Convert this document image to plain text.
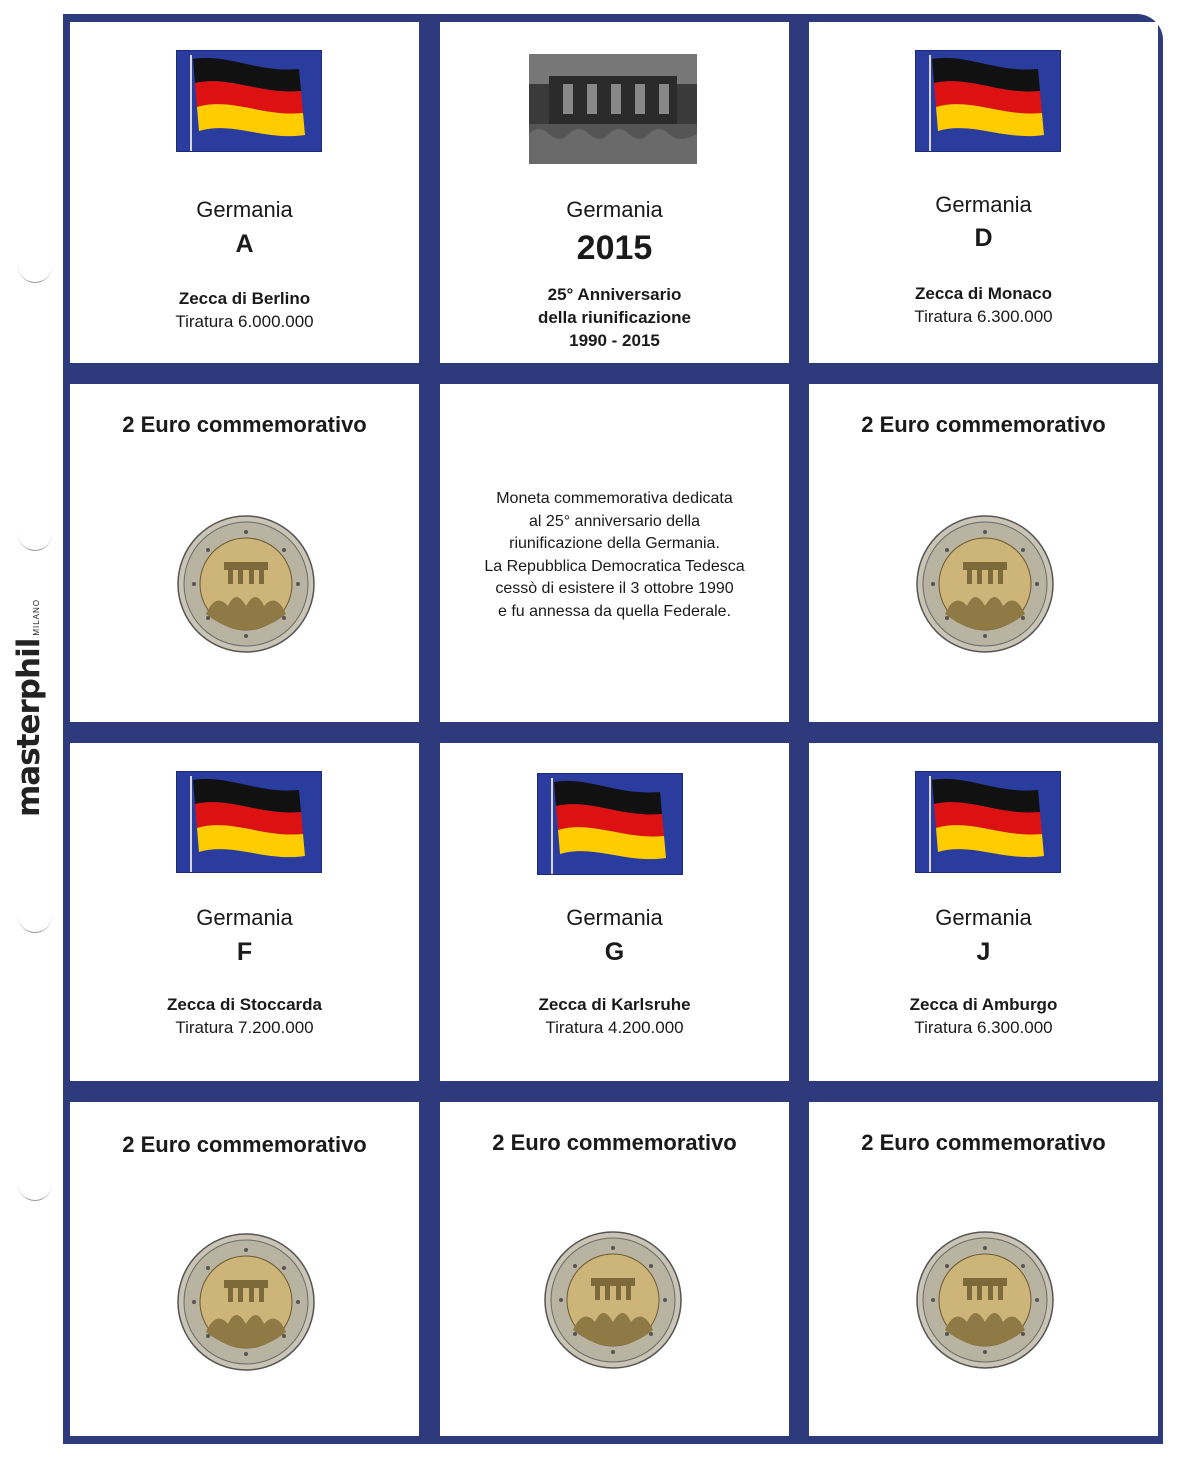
masterphil
MILANO
Germania
A
Zecca di Berlino
Tiratura 6.000.000
Germania
2015
25° Anniversario
della riunificazione
1990 - 2015
Germania
D
Zecca di Monaco
Tiratura 6.300.000
2 Euro commemorativo
Moneta commemorativa dedicata
al 25° anniversario della
riunificazione della Germania.
La Repubblica Democratica Tedesca
cessò di esistere il 3 ottobre 1990
e fu annessa da quella Federale.
2 Euro commemorativo
Germania
F
Zecca di Stoccarda
Tiratura 7.200.000
Germania
G
Zecca di Karlsruhe
Tiratura 4.200.000
Germania
J
Zecca di Amburgo
Tiratura 6.300.000
2 Euro commemorativo	2 Euro commemorativo	2 Euro commemorativo
